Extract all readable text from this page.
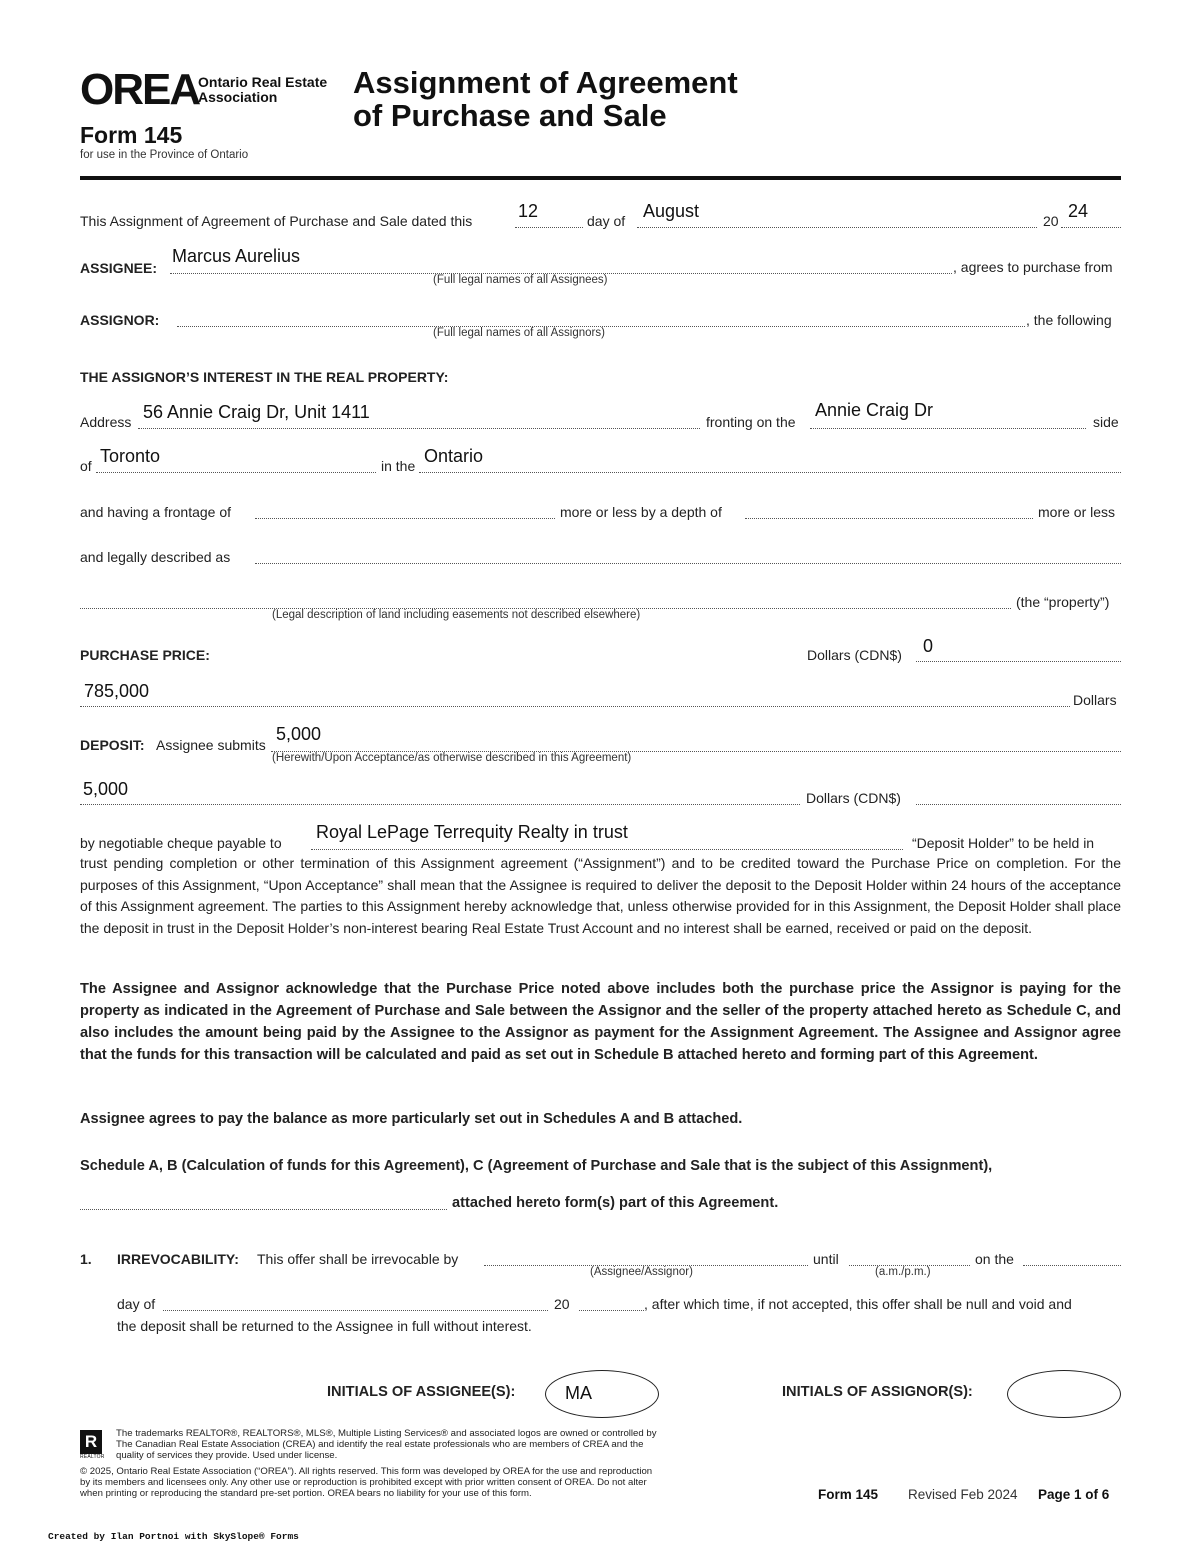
OREA
Ontario Real Estate
Association
Form 145
for use in the Province of Ontario
Assignment of Agreement
of Purchase and Sale
This Assignment of Agreement of Purchase and Sale dated this	12	day of August	20 24
ASSIGNEE:
Marcus Aurelius
, agrees to purchase from
(Full legal names of all Assignees)
ASSIGNOR:	, the following
(Full legal names of all Assignors)
THE ASSIGNOR’S INTEREST IN THE REAL PROPERTY:
Address 56 Annie Craig Dr, Unit 1411	fronting on the
Annie Craig Dr
side
of Toronto	in the Ontario
and having a frontage of	more or less by a depth of	more or less
and legally described as
(the “property”)
(Legal description of land including easements not described elsewhere)
PURCHASE PRICE:	Dollars (CDN$) 0
785,000	Dollars
DEPOSIT: Assignee submits
5,000
(Herewith/Upon Acceptance/as otherwise described in this Agreement)
5,000	Dollars (CDN$)
by negotiable cheque payable to
Royal LePage Terrequity Realty in trust
“Deposit Holder” to be held in
trust pending completion or other termination of this Assignment agreement (“Assignment”) and to be credited toward the Purchase Price on completion. For the purposes of this Assignment, “Upon Acceptance” shall mean that the Assignee is required to deliver the deposit to the Deposit Holder within 24 hours of the acceptance of this Assignment agreement. The parties to this Assignment hereby acknowledge that, unless otherwise provided for in this Assignment, the Deposit Holder shall place the deposit in trust in the Deposit Holder’s non-interest bearing Real Estate Trust Account and no interest shall be earned, received or paid on the deposit.
The Assignee and Assignor acknowledge that the Purchase Price noted above includes both the purchase price the Assignor is paying for the property as indicated in the Agreement of Purchase and Sale between the Assignor and the seller of the property attached hereto as Schedule C, and also includes the amount being paid by the Assignee to the Assignor as payment for the Assignment Agreement. The Assignee and Assignor agree that the funds for this transaction will be calculated and paid as set out in Schedule B attached hereto and forming part of this Agreement.
Assignee agrees to pay the balance as more particularly set out in Schedules A and B attached.
Schedule A, B (Calculation of funds for this Agreement), C (Agreement of Purchase and Sale that is the subject of this Assignment),
attached hereto form(s) part of this Agreement.
1. IRREVOCABILITY: This offer shall be irrevocable by	until	on the
(Assignee/Assignor)	(a.m./p.m.)
day of	20	, after which time, if not accepted, this offer shall be null and void and
the deposit shall be returned to the Assignee in full without interest.
INITIALS OF ASSIGNEE(S):	MA	INITIALS OF ASSIGNOR(S):
R
REALTOR
The trademarks REALTOR®, REALTORS®, MLS®, Multiple Listing Services® and associated logos are owned or controlled by
The Canadian Real Estate Association (CREA) and identify the real estate professionals who are members of CREA and the
quality of services they provide. Used under license.
© 2025, Ontario Real Estate Association (“OREA”). All rights reserved. This form was developed by OREA for the use and reproduction
by its members and licensees only. Any other use or reproduction is prohibited except with prior written consent of OREA. Do not alter
when printing or reproducing the standard pre-set portion. OREA bears no liability for your use of this form.	Form 145 Revised Feb 2024 Page 1 of 6
Created by Ilan Portnoi with SkySlope® Forms
